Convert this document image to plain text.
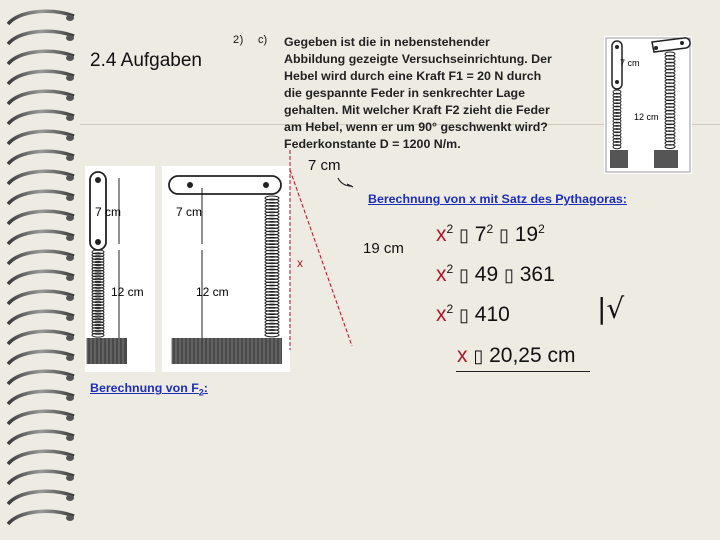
2.4 Aufgaben
2) c) Gegeben ist die in nebenstehender
Abbildung gezeigte Versuchseinrichtung. Der
Hebel wird durch eine Kraft F1 = 20 N durch
die gespannte Feder in senkrechter Lage
gehalten. Mit welcher Kraft F2 zieht die Feder
am Hebel, wenn er um 90° geschwenkt wird?
Federkonstante D = 1200 N/m.
7 cm
12 cm
7 cm
12 cm
7 cm
12 cm
7 cm
x
19 cm
Berechnung von x mit Satz des Pythagoras:
Berechnung von $F_2$:
$x^2$ ▯ $7^2$ ▯ $19^2$
$x^2$ ▯ 49 ▯ 361
$x^2$ ▯ 410	|√
x ▯ 20,25 cm
